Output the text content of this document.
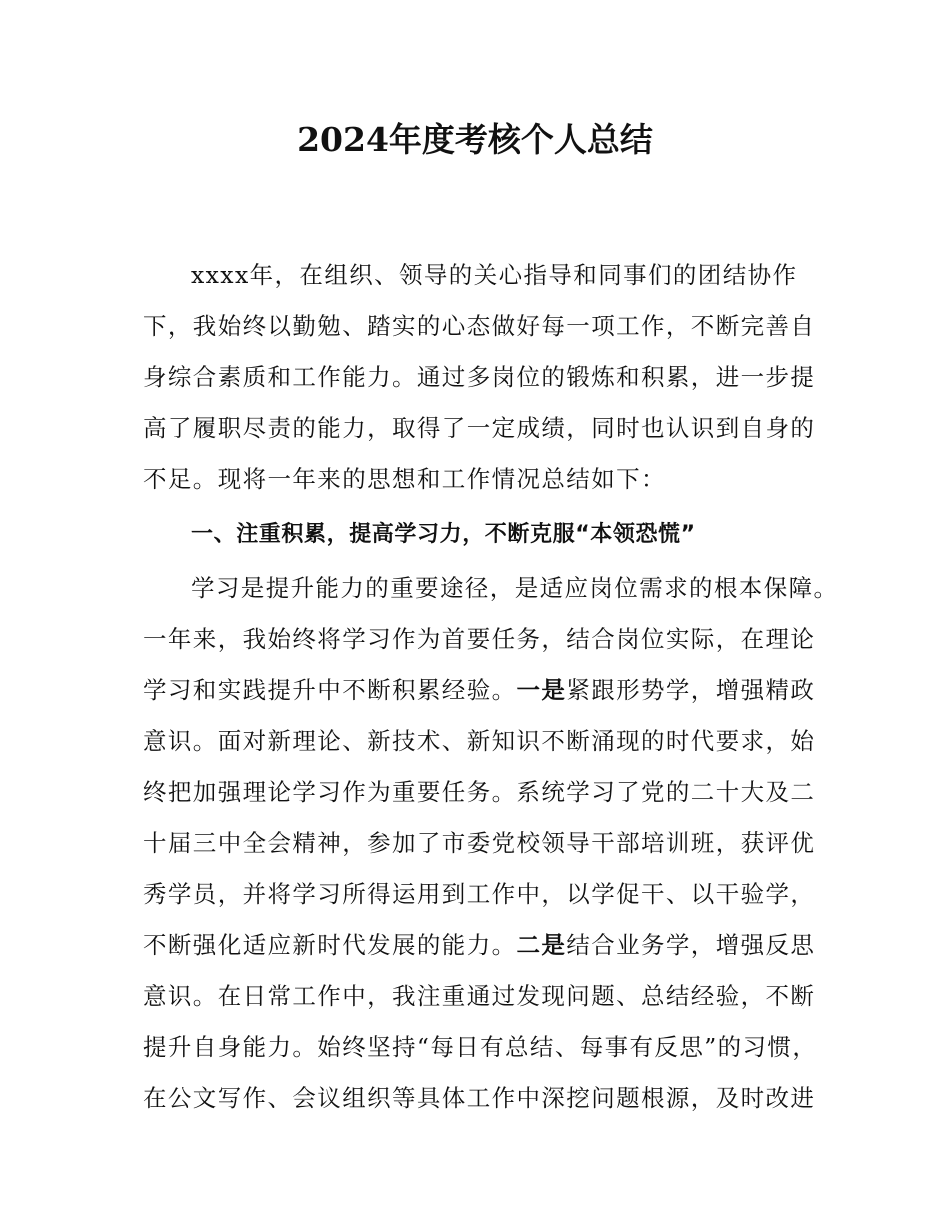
2024年度考核个人总结
xxxx年，在组织、领导的关心指导和同事们的团结协作
下，我始终以勤勉、踏实的心态做好每一项工作，不断完善自
身综合素质和工作能力。通过多岗位的锻炼和积累，进一步提
高了履职尽责的能力，取得了一定成绩，同时也认识到自身的
不足。现将一年来的思想和工作情况总结如下：
一、注重积累，提高学习力，不断克服“本领恐慌”
学习是提升能力的重要途径，是适应岗位需求的根本保障。
一年来，我始终将学习作为首要任务，结合岗位实际，在理论
学习和实践提升中不断积累经验。一是紧跟形势学，增强精政
意识。面对新理论、新技术、新知识不断涌现的时代要求，始
终把加强理论学习作为重要任务。系统学习了党的二十大及二
十届三中全会精神，参加了市委党校领导干部培训班，获评优
秀学员，并将学习所得运用到工作中，以学促干、以干验学，
不断强化适应新时代发展的能力。二是结合业务学，增强反思
意识。在日常工作中，我注重通过发现问题、总结经验，不断
提升自身能力。始终坚持“每日有总结、每事有反思”的习惯，
在公文写作、会议组织等具体工作中深挖问题根源，及时改进
